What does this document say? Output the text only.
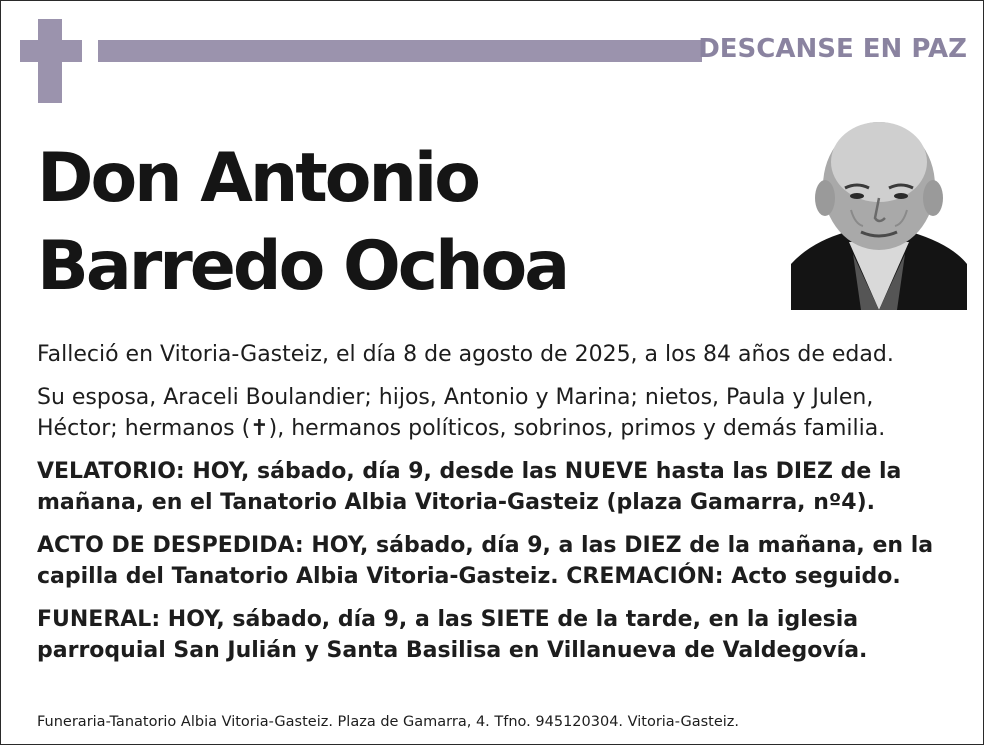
DESCANSE EN PAZ
Don Antonio
Barredo Ochoa

Falleció en Vitoria-Gasteiz, el día 8 de agosto de 2025, a los 84 años de edad.

Su esposa, Araceli Boulandier; hijos, Antonio y Marina; nietos, Paula y Julen, Héctor; hermanos (✝), hermanos políticos, sobrinos, primos y demás familia.

VELATORIO: HOY, sábado, día 9, desde las NUEVE hasta las DIEZ de la mañana, en el Tanatorio Albia Vitoria-Gasteiz (plaza Gamarra, nº4).

ACTO DE DESPEDIDA: HOY, sábado, día 9, a las DIEZ de la mañana, en la capilla del Tanatorio Albia Vitoria-Gasteiz. CREMACIÓN: Acto seguido.

FUNERAL: HOY, sábado, día 9, a las SIETE de la tarde, en la iglesia parroquial San Julián y Santa Basilisa en Villanueva de Valdegovía.

Funeraria-Tanatorio Albia Vitoria-Gasteiz. Plaza de Gamarra, 4. Tfno. 945120304. Vitoria-Gasteiz.
